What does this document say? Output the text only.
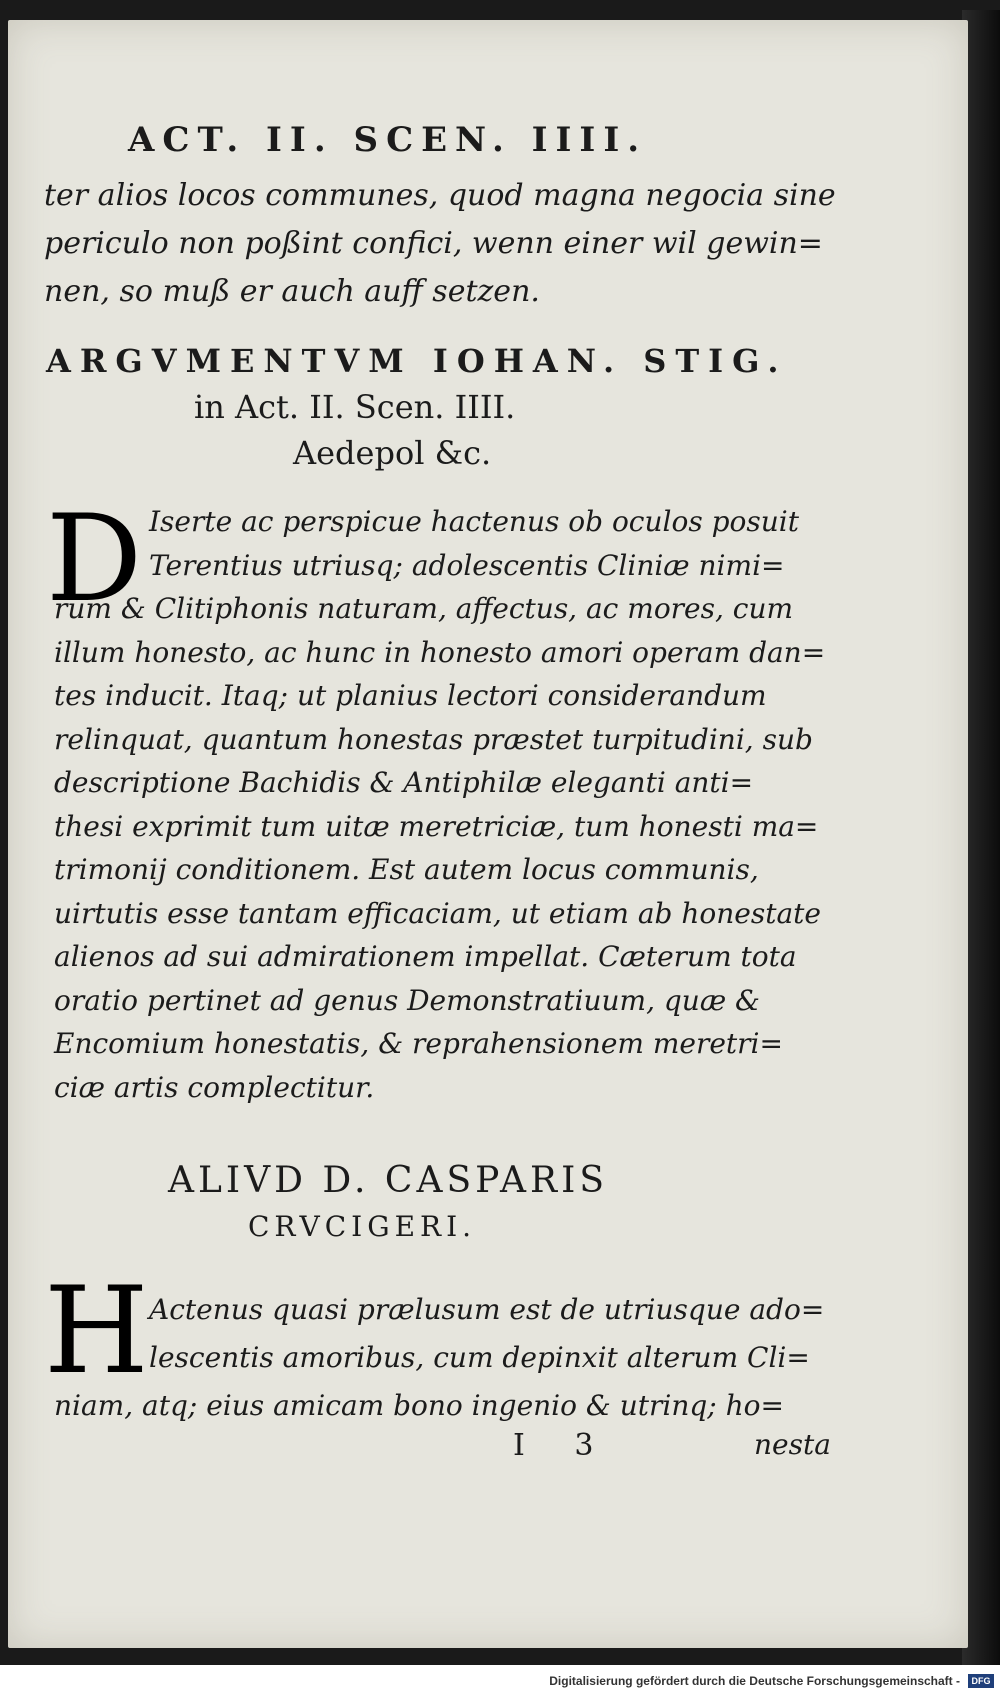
ACT. II. SCEN. IIII.
ter alios locos communes, quod magna negocia sine
periculo non poßint confici, wenn einer wil gewin=
nen, so muß er auch auff setzen.
ARGVMENTVM IOHAN. STIG.
in Act. II. Scen. IIII.
Aedepol &c.
D Iserte ac perspicue hactenus ob oculos posuit
Terentius utriusq; adolescentis Cliniæ nimi=
rum & Clitiphonis naturam, affectus, ac mores, cum
illum honesto, ac hunc in honesto amori operam dan=
tes inducit. Itaq; ut planius lectori considerandum
relinquat, quantum honestas præstet turpitudini, sub
descriptione Bachidis & Antiphilæ eleganti anti=
thesi exprimit tum uitæ meretriciæ, tum honesti ma=
trimonij conditionem. Est autem locus communis,
uirtutis esse tantam efficaciam, ut etiam ab honestate
alienos ad sui admirationem impellat. Cæterum tota
oratio pertinet ad genus Demonstratiuum, quæ &
Encomium honestatis, & reprahensionem meretri=
ciæ artis complectitur.
ALIVD D. CASPARIS
CRVCIGERI.
H Actenus quasi prælusum est de utriusque ado=
lescentis amoribus, cum depinxit alterum Cli=
niam, atq; eius amicam bono ingenio & utrinq; ho=
I 3	nesta
Digitalisierung gefördert durch die Deutsche Forschungsgemeinschaft -	DFG
